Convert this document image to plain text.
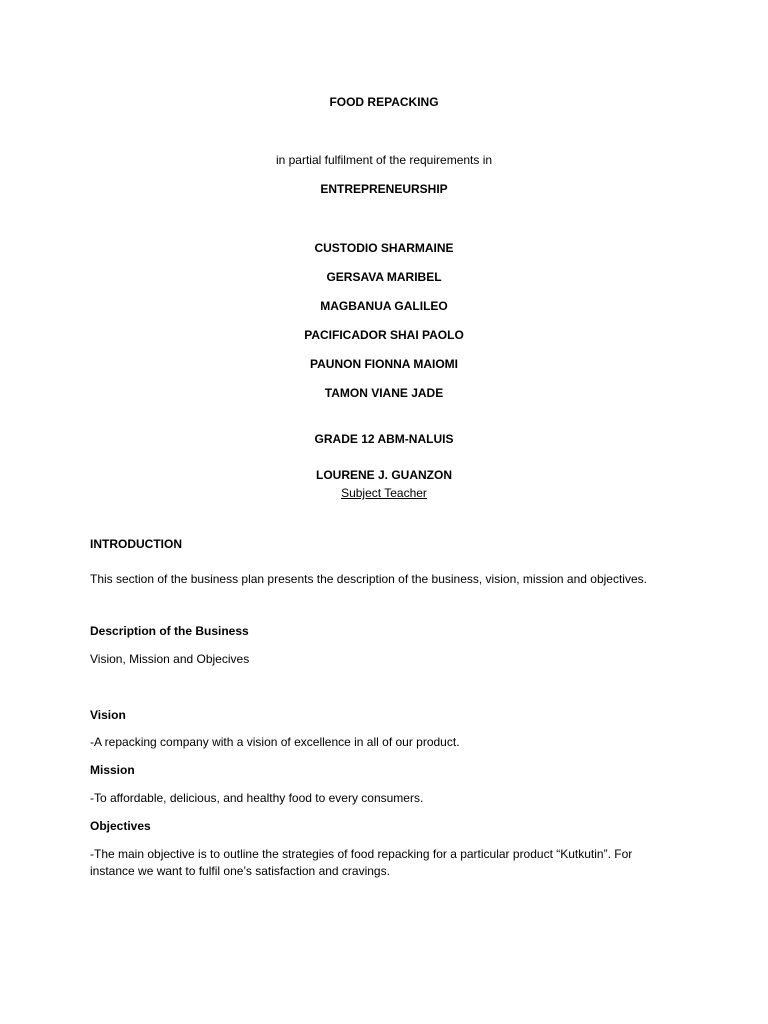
FOOD REPACKING
in partial fulfilment of the requirements in
ENTREPRENEURSHIP
CUSTODIO SHARMAINE
GERSAVA MARIBEL
MAGBANUA GALILEO
PACIFICADOR SHAI PAOLO
PAUNON FIONNA MAIOMI
TAMON VIANE JADE
GRADE 12 ABM-NALUIS
LOURENE J. GUANZON
Subject Teacher
INTRODUCTION
This section of the business plan presents the description of the business, vision, mission and objectives.
Description of the Business
Vision, Mission and Objecives
Vision
-A repacking company with a vision of excellence in all of our product.
Mission
-To affordable, delicious, and healthy food to every consumers.
Objectives
-The main objective is to outline the strategies of food repacking for a particular product “Kutkutin”. For
instance we want to fulfil one’s satisfaction and cravings.
